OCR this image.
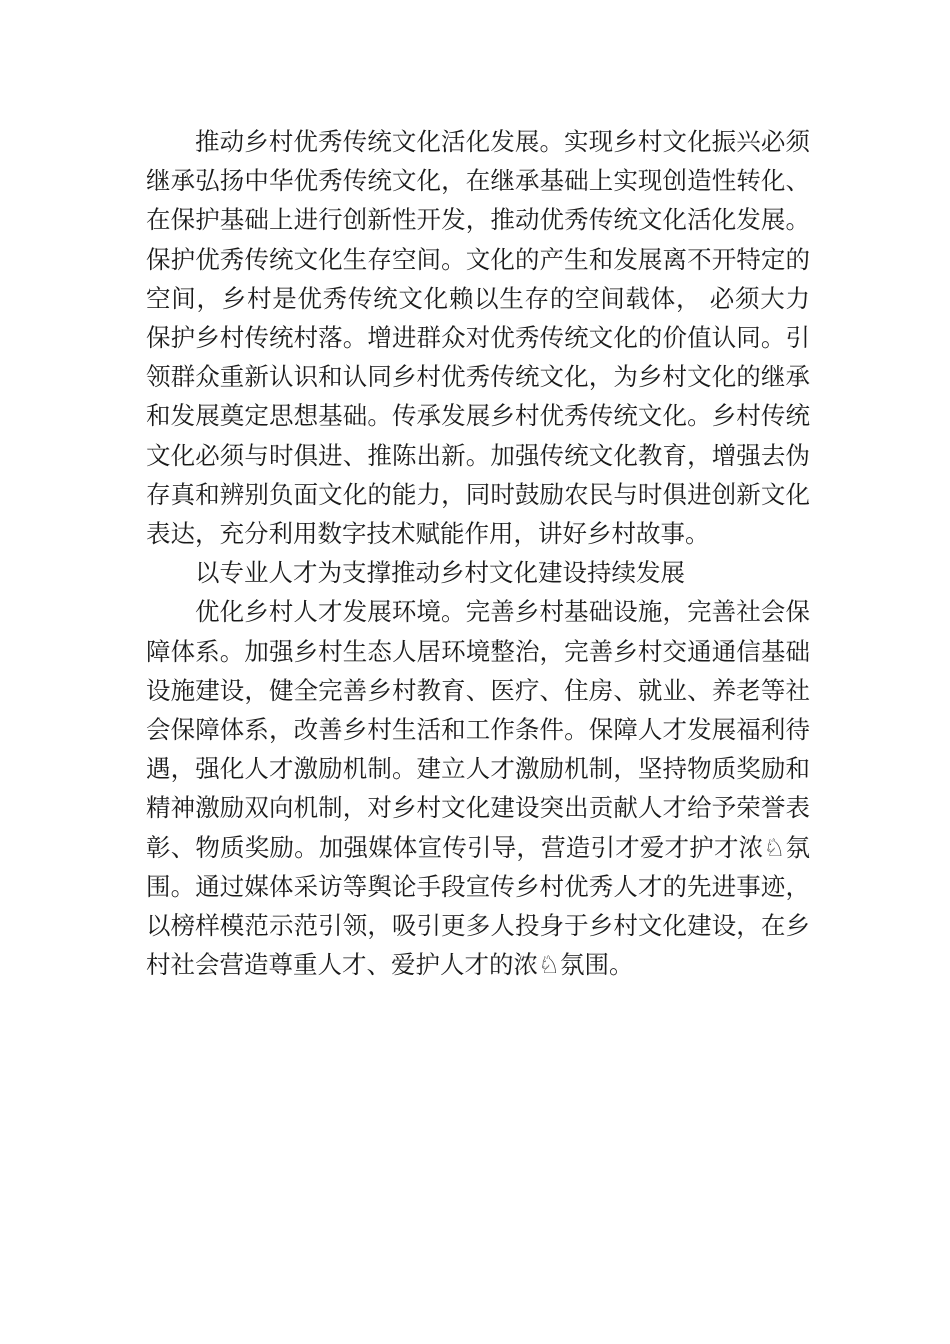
推动乡村优秀传统文化活化发展。实现乡村文化振兴必须继承弘扬中华优秀传统文化，在继承基础上实现创造性转化、在保护基础上进行创新性开发，推动优秀传统文化活化发展。保护优秀传统文化生存空间。文化的产生和发展离不开特定的空间，乡村是优秀传统文化赖以生存的空间载体， 必须大力保护乡村传统村落。增进群众对优秀传统文化的价值认同。引领群众重新认识和认同乡村优秀传统文化，为乡村文化的继承和发展奠定思想基础。传承发展乡村优秀传统文化。乡村传统文化必须与时俱进、推陈出新。加强传统文化教育，增强去伪存真和辨别负面文化的能力，同时鼓励农民与时俱进创新文化表达，充分利用数字技术赋能作用，讲好乡村故事。

以专业人才为支撑推动乡村文化建设持续发展

优化乡村人才发展环境。完善乡村基础设施，完善社会保障体系。加强乡村生态人居环境整治，完善乡村交通通信基础设施建设，健全完善乡村教育、医疗、住房、就业、养老等社会保障体系，改善乡村生活和工作条件。保障人才发展福利待遇，强化人才激励机制。建立人才激励机制，坚持物质奖励和精神激励双向机制，对乡村文化建设突出贡献人才给予荣誉表彰、物质奖励。加强媒体宣传引导，营造引才爱才护才浓♘氛围。通过媒体采访等舆论手段宣传乡村优秀人才的先进事迹，以榜样模范示范引领，吸引更多人投身于乡村文化建设，在乡村社会营造尊重人才、爱护人才的浓♘氛围。
